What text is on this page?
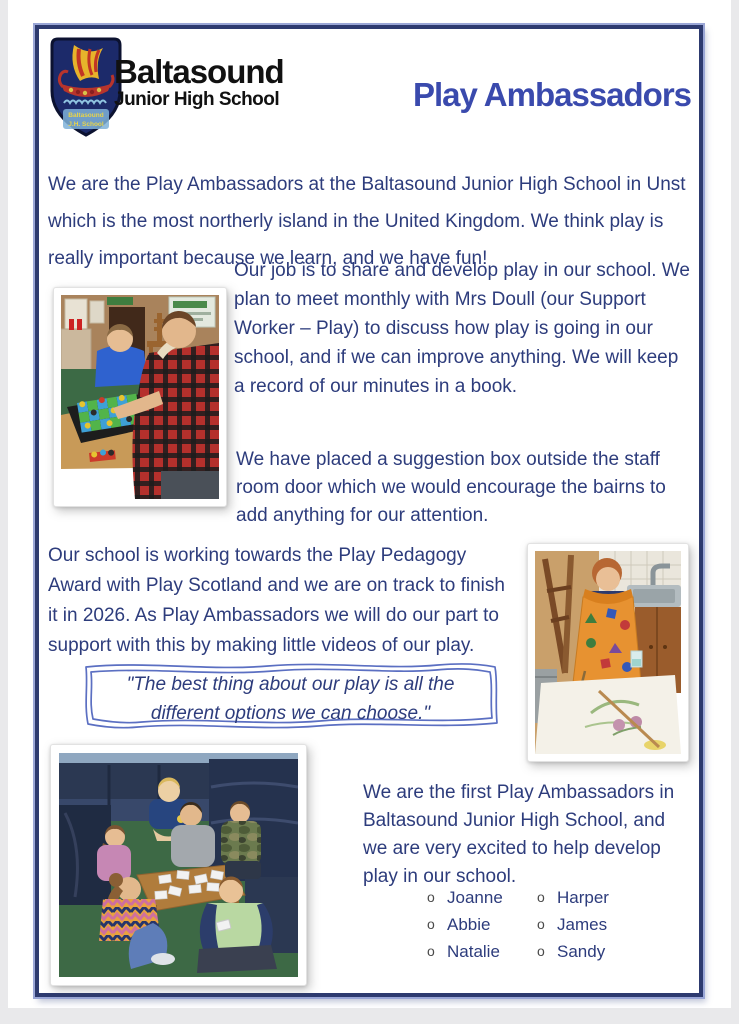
Baltasound
J.H. School
Baltasound
Junior High School	Play Ambassadors

We are the Play Ambassadors at the Baltasound Junior High School in Unst which is the most northerly island in the United Kingdom. We think play is really important because we learn, and we have fun!

Our job is to share and develop play in our school. We plan to meet monthly with Mrs Doull (our Support Worker – Play) to discuss how play is going in our school, and if we can improve anything. We will keep a record of our minutes in a book.

We have placed a suggestion box outside the staff room door which we would encourage the bairns to add anything for our attention.

Our school is working towards the Play Pedagogy Award with Play Scotland and we are on track to finish it in 2026. As Play Ambassadors we will do our part to support with this by making little videos of our play.

"The best thing about our play is all the different options we can choose."

We are the first Play Ambassadors in Baltasound Junior High School, and we are very excited to help develop play in our school.

o Joanne
o Abbie
o Natalie
o Harper
o James
o Sandy
